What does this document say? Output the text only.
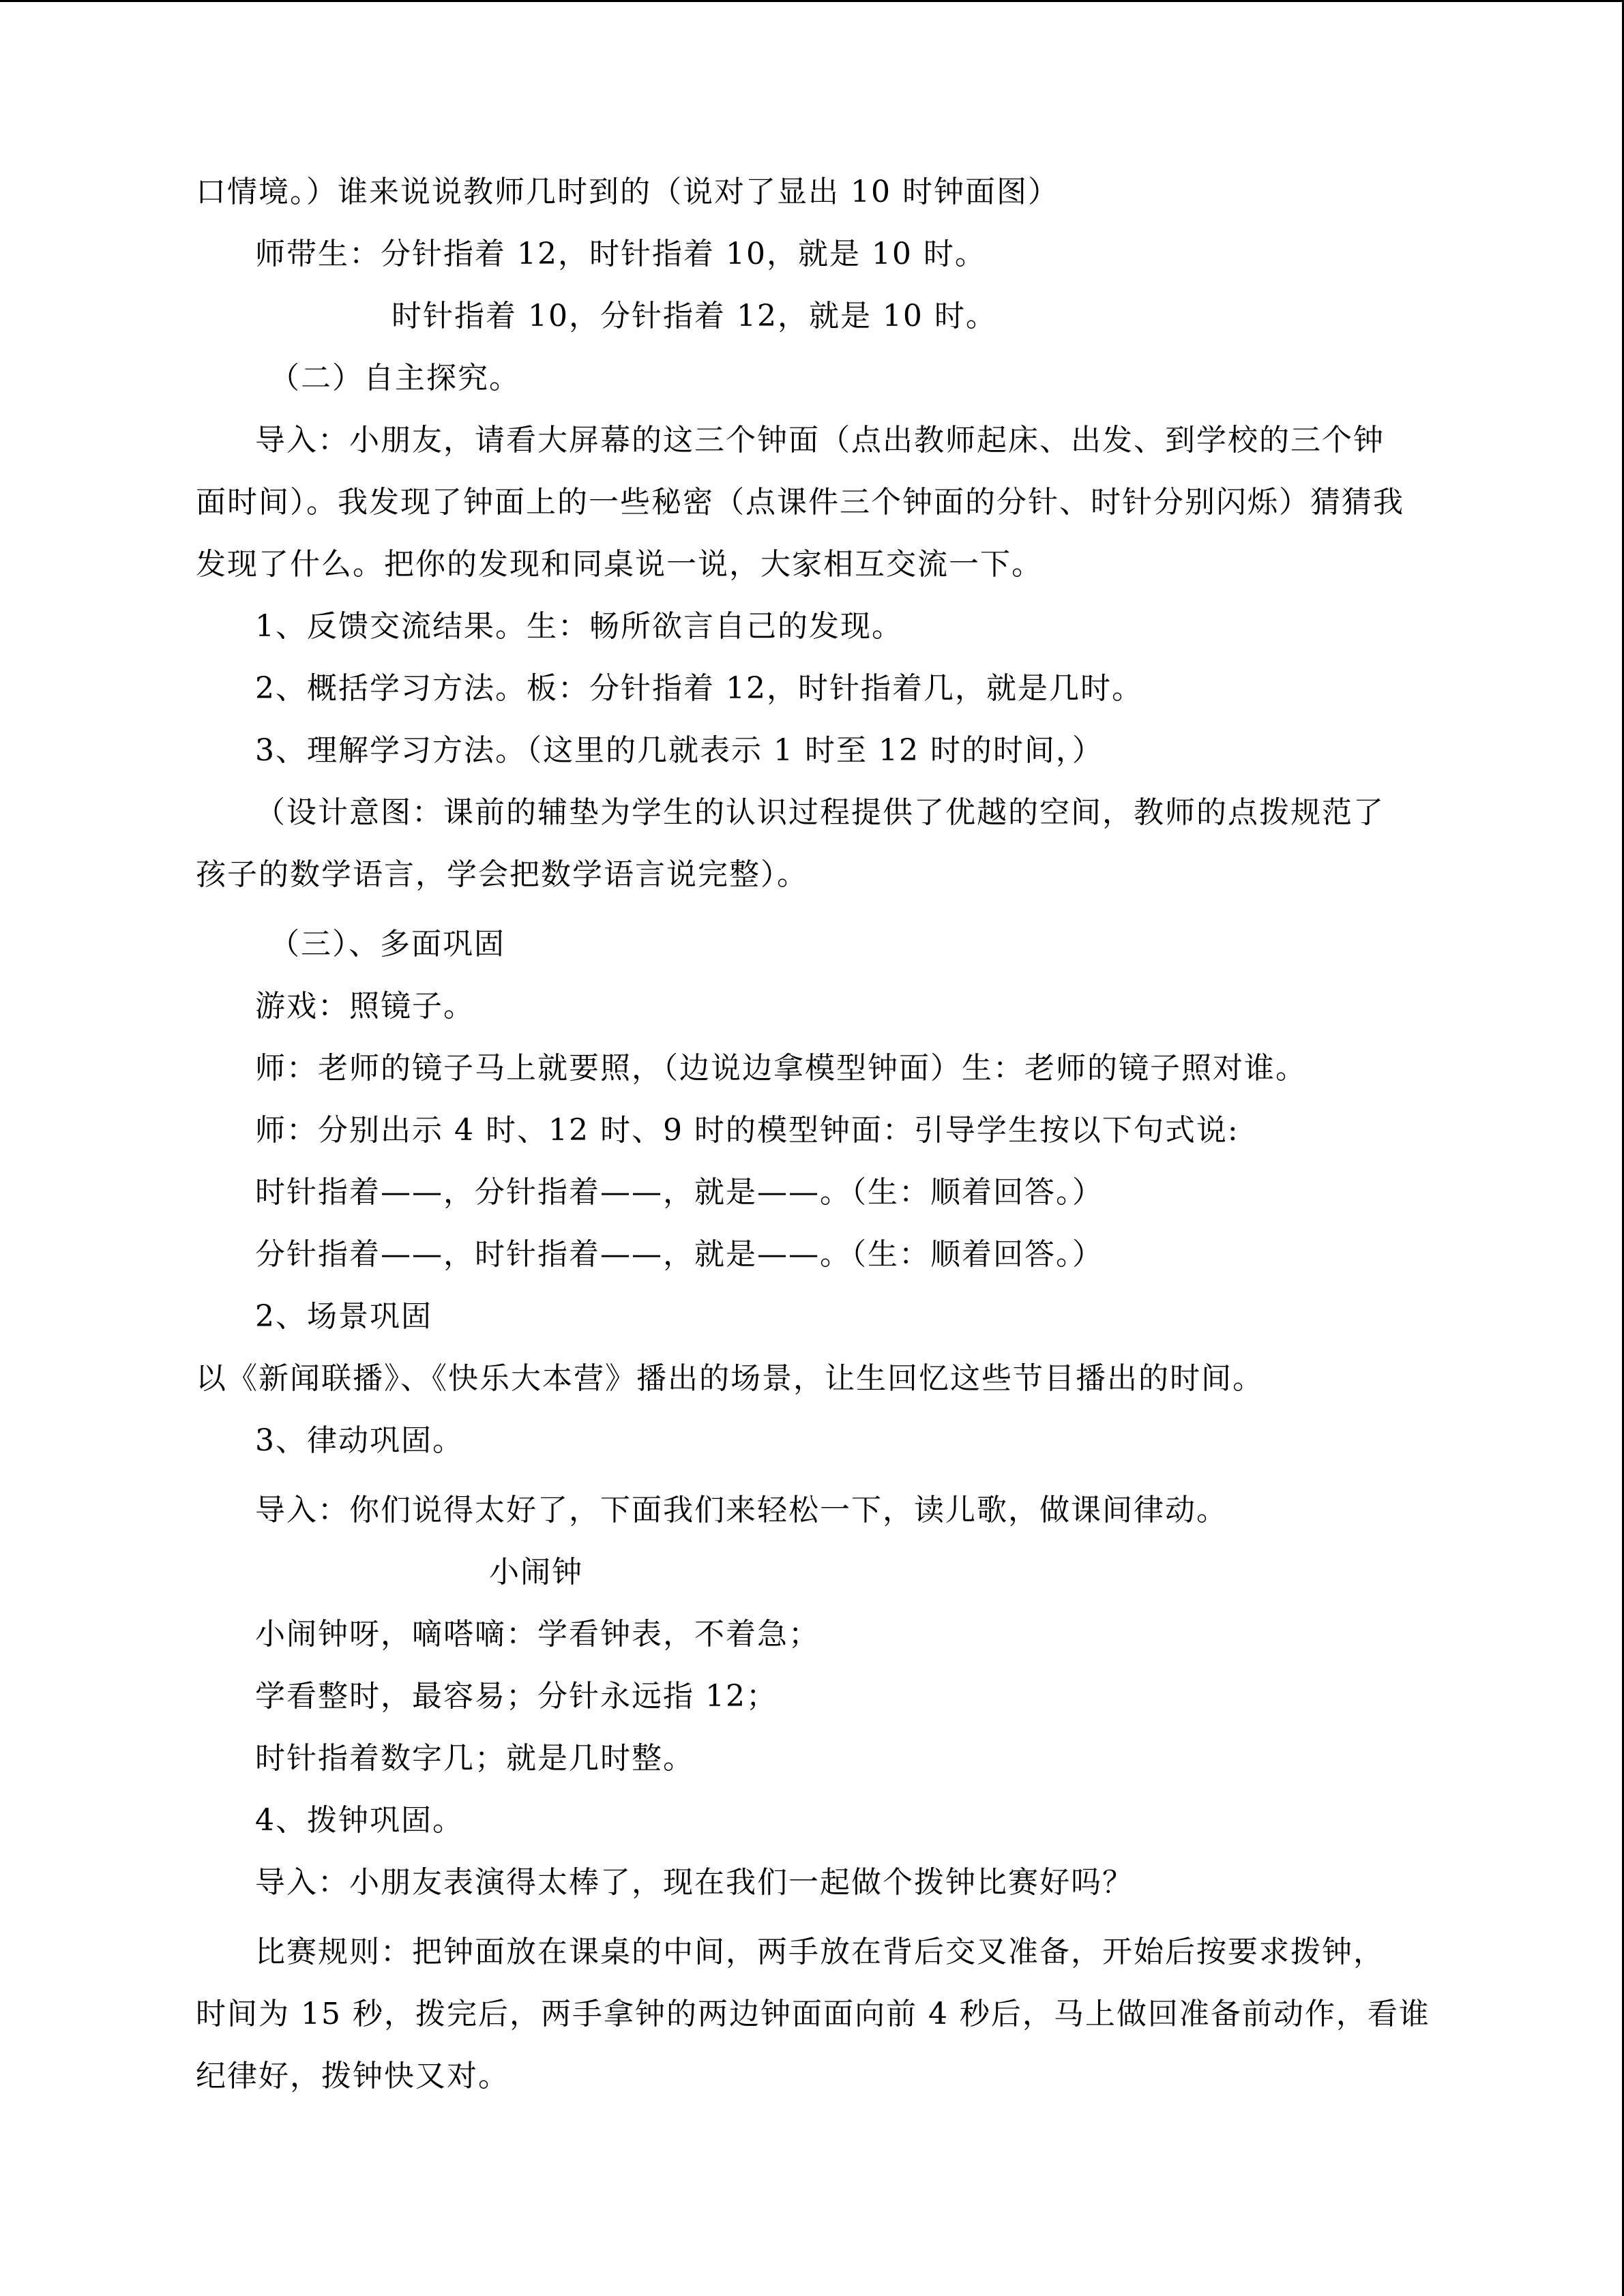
口情境。）谁来说说教师几时到的（说对了显出 10 时钟面图）
师带生：分针指着 12，时针指着 10，就是 10 时。
时针指着 10，分针指着 12，就是 10 时。
（二）自主探究。
导入：小朋友，请看大屏幕的这三个钟面（点出教师起床、出发、到学校的三个钟
面时间）。我发现了钟面上的一些秘密（点课件三个钟面的分针、时针分别闪烁）猜猜我
发现了什么。把你的发现和同桌说一说，大家相互交流一下。
1、反馈交流结果。生：畅所欲言自己的发现。
2、概括学习方法。板：分针指着 12，时针指着几，就是几时。
3、理解学习方法。（这里的几就表示 1 时至 12 时的时间，）
（设计意图：课前的辅垫为学生的认识过程提供了优越的空间，教师的点拨规范了
孩子的数学语言，学会把数学语言说完整）。
（三）、多面巩固
游戏：照镜子。
师：老师的镜子马上就要照，（边说边拿模型钟面）生：老师的镜子照对谁。
师：分别出示 4 时、12 时、9 时的模型钟面：引导学生按以下句式说:
时针指着——，分针指着——，就是——。（生：顺着回答。）
分针指着——，时针指着——，就是——。（生：顺着回答。）
2、场景巩固
以《新闻联播》、《快乐大本营》播出的场景，让生回忆这些节目播出的时间。
3、律动巩固。
导入：你们说得太好了，下面我们来轻松一下，读儿歌，做课间律动。
小闹钟
小闹钟呀，嘀嗒嘀：学看钟表，不着急；
学看整时，最容易；分针永远指 12；
时针指着数字几；就是几时整。
4、拨钟巩固。
导入：小朋友表演得太棒了，现在我们一起做个拨钟比赛好吗？
比赛规则：把钟面放在课桌的中间，两手放在背后交叉准备，开始后按要求拨钟，
时间为 15 秒，拨完后，两手拿钟的两边钟面面向前 4 秒后，马上做回准备前动作，看谁
纪律好，拨钟快又对。
